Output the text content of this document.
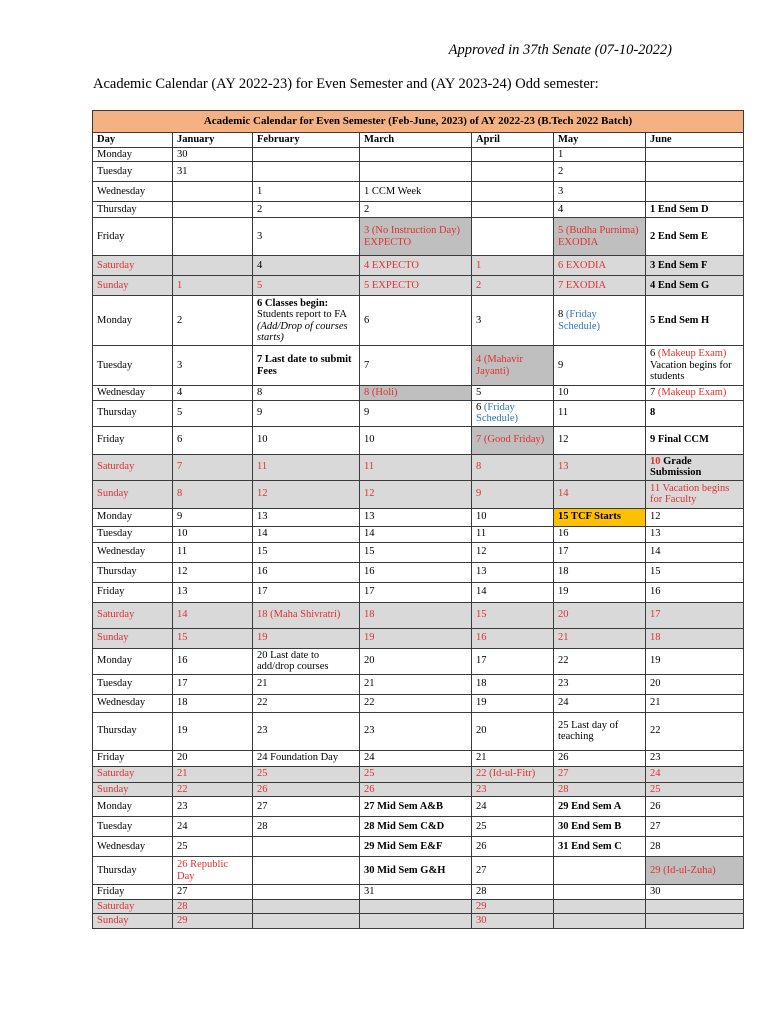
Approved in 37th Senate (07-10-2022)
Academic Calendar (AY 2022-23) for Even Semester and (AY 2023-24) Odd semester:
Academic Calendar for Even Semester (Feb-June, 2023) of AY 2022-23 (B.Tech 2022 Batch)						
Day	January	February	March	April	May	June
Monday	30				1	
Tuesday	31				2	
Wednesday		1	1 CCM Week		3	
Thursday		2	2		4	1 End Sem D
Friday		3	3 (No Instruction Day) EXPECTO		5 (Budha Purnima) EXODIA	2 End Sem E
Saturday		4	4 EXPECTO	1	6 EXODIA	3 End Sem F
Sunday	1	5	5 EXPECTO	2	7 EXODIA	4 End Sem G
Monday	2	6 Classes begin: Students report to FA (Add/Drop of courses starts)	6	3	8 (Friday Schedule)	5 End Sem H
Tuesday	3	7 Last date to submit Fees	7	4 (Mahavir Jayanti)	9	6 (Makeup Exam) Vacation begins for students
Wednesday	4	8	8 (Holi)	5	10	7 (Makeup Exam)
Thursday	5	9	9	6 (Friday Schedule)	11	8
Friday	6	10	10	7 (Good Friday)	12	9 Final CCM
Saturday	7	11	11	8	13	10 Grade Submission
Sunday	8	12	12	9	14	11 Vacation begins for Faculty
Monday	9	13	13	10	15 TCF Starts	12
Tuesday	10	14	14	11	16	13
Wednesday	11	15	15	12	17	14
Thursday	12	16	16	13	18	15
Friday	13	17	17	14	19	16
Saturday	14	18 (Maha Shivratri)	18	15	20	17
Sunday	15	19	19	16	21	18
Monday	16	20 Last date to add/drop courses	20	17	22	19
Tuesday	17	21	21	18	23	20
Wednesday	18	22	22	19	24	21
Thursday	19	23	23	20	25 Last day of teaching	22
Friday	20	24 Foundation Day	24	21	26	23
Saturday	21	25	25	22 (Id-ul-Fitr)	27	24
Sunday	22	26	26	23	28	25
Monday	23	27	27 Mid Sem A&B	24	29 End Sem A	26
Tuesday	24	28	28 Mid Sem C&D	25	30 End Sem B	27
Wednesday	25		29 Mid Sem E&F	26	31 End Sem C	28
Thursday	26 Republic Day		30 Mid Sem G&H	27		29 (Id-ul-Zuha)
Friday	27		31	28		30
Saturday	28			29		
Sunday	29			30		
